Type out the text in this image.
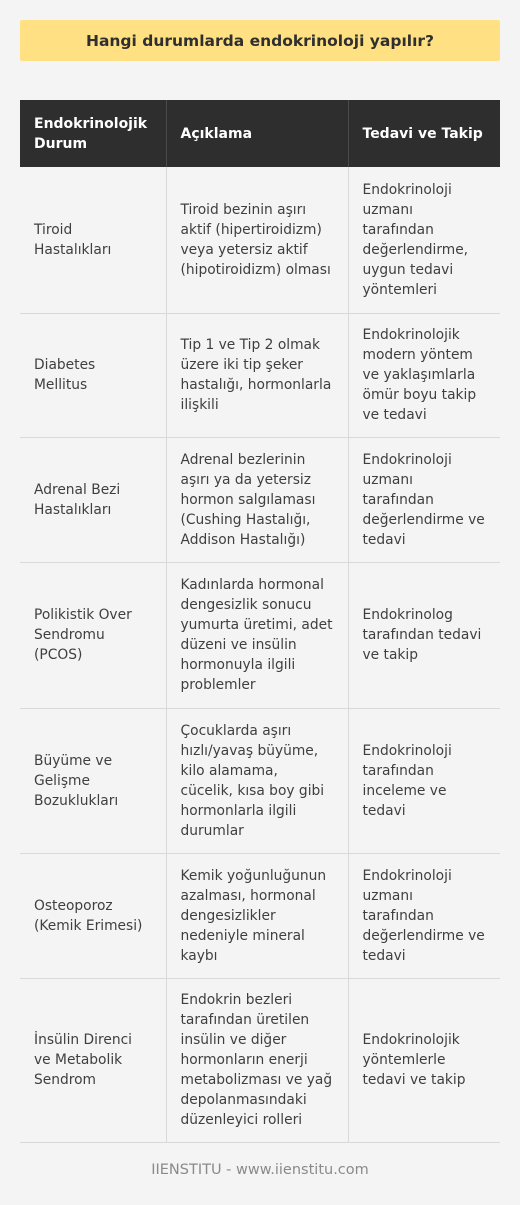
Hangi durumlarda endokrinoloji yapılır?
Endokrinolojik Durum	Açıklama	Tedavi ve Takip
Tiroid Hastalıkları	Tiroid bezinin aşırı aktif (hipertiroidizm) veya yetersiz aktif (hipotiroidizm) olması	Endokrinoloji uzmanı tarafından değerlendirme, uygun tedavi yöntemleri
Diabetes Mellitus	Tip 1 ve Tip 2 olmak üzere iki tip şeker hastalığı, hormonlarla ilişkili	Endokrinolojik modern yöntem ve yaklaşımlarla ömür boyu takip ve tedavi
Adrenal Bezi Hastalıkları	Adrenal bezlerinin aşırı ya da yetersiz hormon salgılaması (Cushing Hastalığı, Addison Hastalığı)	Endokrinoloji uzmanı tarafından değerlendirme ve tedavi
Polikistik Over Sendromu (PCOS)	Kadınlarda hormonal dengesizlik sonucu yumurta üretimi, adet düzeni ve insülin hormonuyla ilgili problemler	Endokrinolog tarafından tedavi ve takip
Büyüme ve Gelişme Bozuklukları	Çocuklarda aşırı hızlı/yavaş büyüme, kilo alamama, cücelik, kısa boy gibi hormonlarla ilgili durumlar	Endokrinoloji tarafından inceleme ve tedavi
Osteoporoz (Kemik Erimesi)	Kemik yoğunluğunun azalması, hormonal dengesizlikler nedeniyle mineral kaybı	Endokrinoloji uzmanı tarafından değerlendirme ve tedavi
İnsülin Direnci ve Metabolik Sendrom	Endokrin bezleri tarafından üretilen insülin ve diğer hormonların enerji metabolizması ve yağ depolanmasındaki düzenleyici rolleri	Endokrinolojik yöntemlerle tedavi ve takip
IIENSTITU - www.iienstitu.com
